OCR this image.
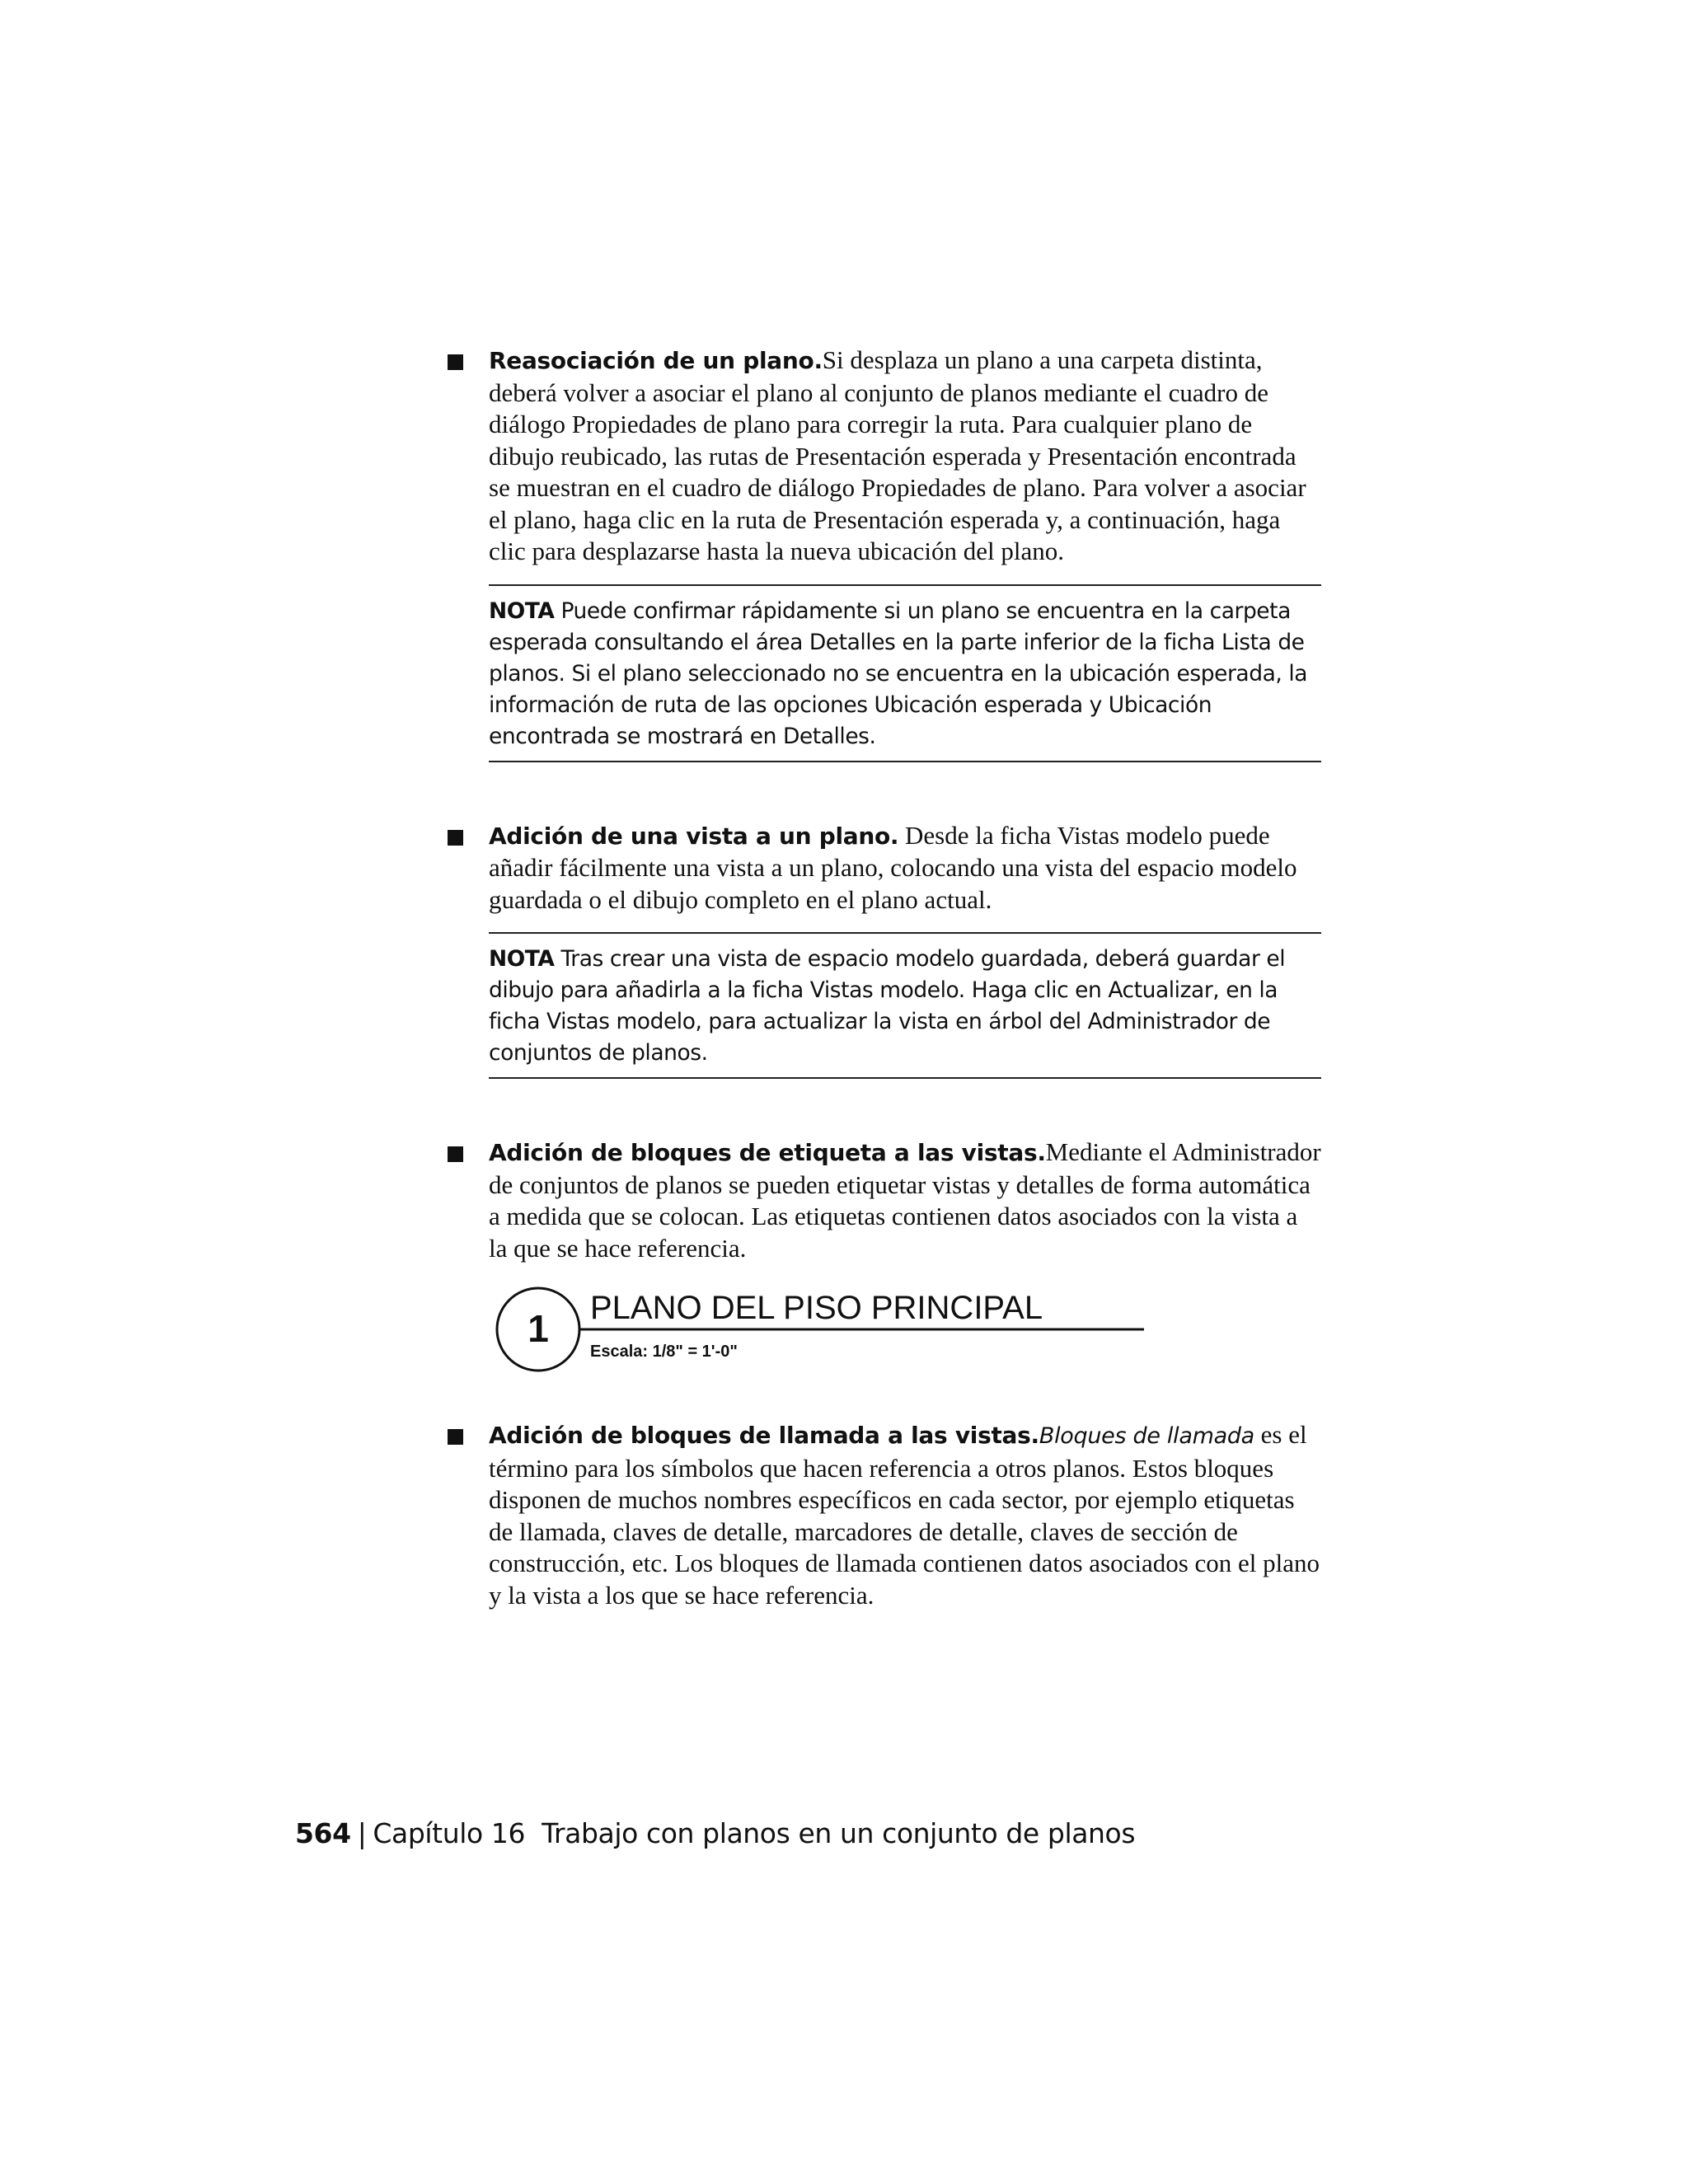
Reasociación de un plano.Si desplaza un plano a una carpeta distinta, deberá volver a asociar el plano al conjunto de planos mediante el cuadro de diálogo Propiedades de plano para corregir la ruta. Para cualquier plano de dibujo reubicado, las rutas de Presentación esperada y Presentación encontrada se muestran en el cuadro de diálogo Propiedades de plano. Para volver a asociar el plano, haga clic en la ruta de Presentación esperada y, a continuación, haga clic para desplazarse hasta la nueva ubicación del plano.
NOTA Puede confirmar rápidamente si un plano se encuentra en la carpeta esperada consultando el área Detalles en la parte inferior de la ficha Lista de planos. Si el plano seleccionado no se encuentra en la ubicación esperada, la información de ruta de las opciones Ubicación esperada y Ubicación encontrada se mostrará en Detalles.
Adición de una vista a un plano. Desde la ficha Vistas modelo puede añadir fácilmente una vista a un plano, colocando una vista del espacio modelo guardada o el dibujo completo en el plano actual.
NOTA Tras crear una vista de espacio modelo guardada, deberá guardar el dibujo para añadirla a la ficha Vistas modelo. Haga clic en Actualizar, en la ficha Vistas modelo, para actualizar la vista en árbol del Administrador de conjuntos de planos.
Adición de bloques de etiqueta a las vistas.Mediante el Administrador de conjuntos de planos se pueden etiquetar vistas y detalles de forma automática a medida que se colocan. Las etiquetas contienen datos asociados con la vista a la que se hace referencia.
1 PLANO DEL PISO PRINCIPAL
Escala: 1/8" = 1'-0"
Adición de bloques de llamada a las vistas.Bloques de llamada es el término para los símbolos que hacen referencia a otros planos. Estos bloques disponen de muchos nombres específicos en cada sector, por ejemplo etiquetas de llamada, claves de detalle, marcadores de detalle, claves de sección de construcción, etc. Los bloques de llamada contienen datos asociados con el plano y la vista a los que se hace referencia.
564 | Capítulo 16 Trabajo con planos en un conjunto de planos
